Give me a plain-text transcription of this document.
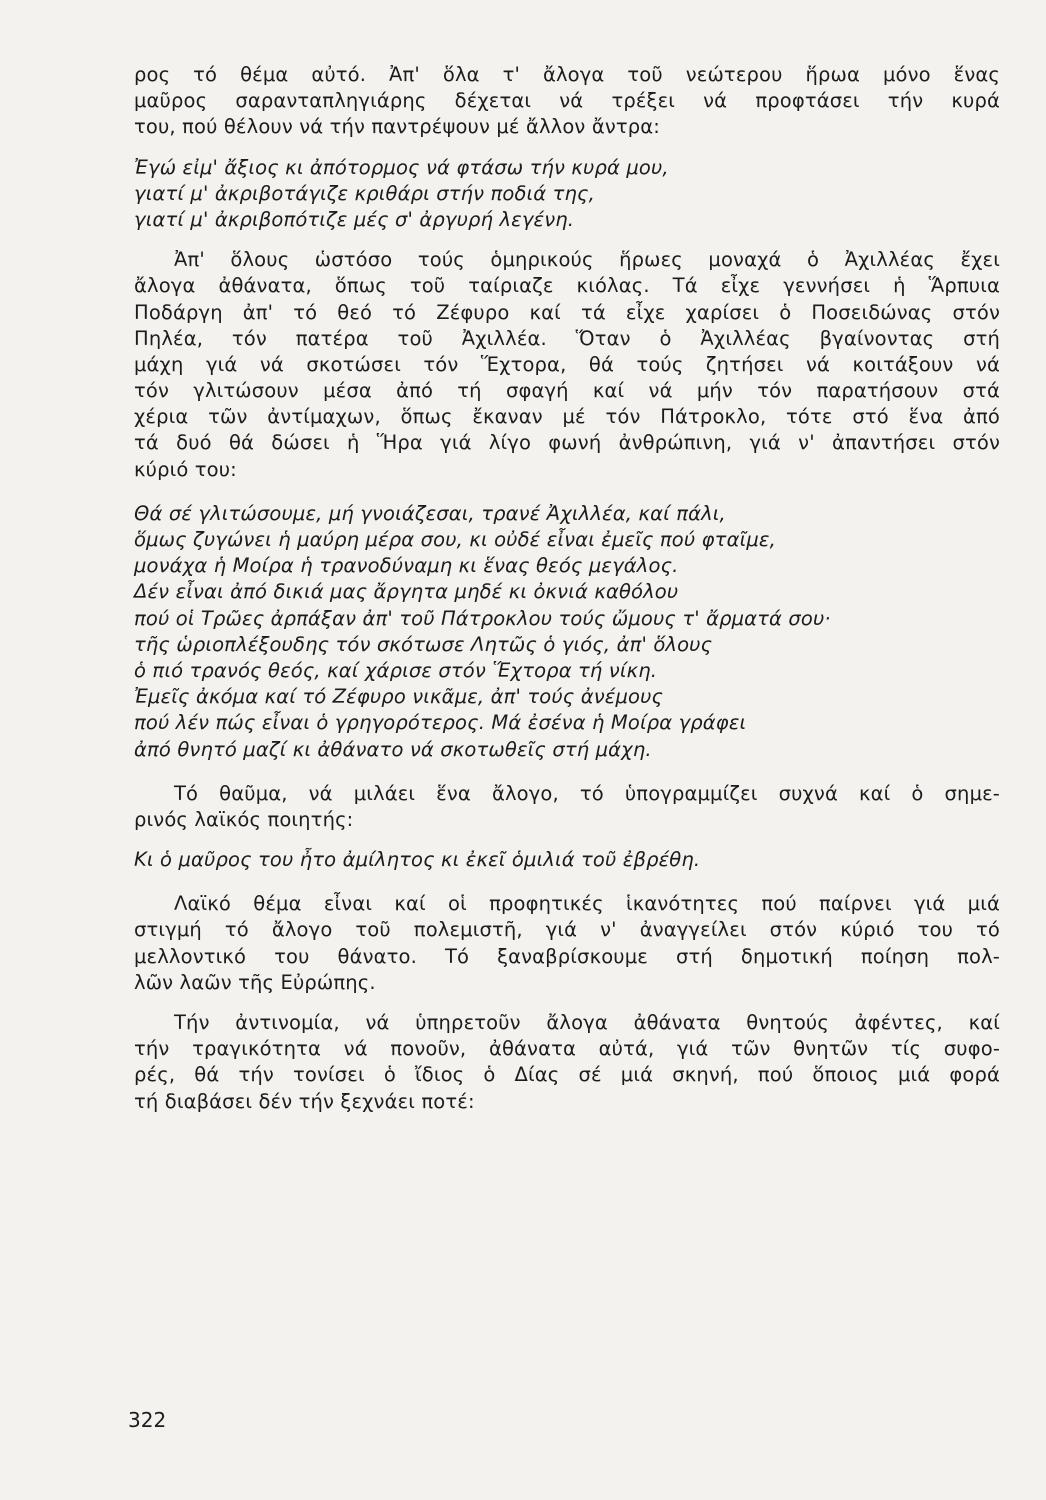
ρος τό θέμα αὐτό. Ἀπ' ὅλα τ' ἄλογα τοῦ νεώτερου ἥρωα μόνο ἕνας

μαῦρος σαρανταπληγιάρης δέχεται νά τρέξει νά προφτάσει τήν κυρά

του, πού θέλουν νά τήν παντρέψουν μέ ἄλλον ἄντρα:

Ἐγώ εἰμ' ἄξιος κι ἀπότορμος νά φτάσω τήν κυρά μου,
γιατί μ' ἀκριβοτάγιζε κριθάρι στήν ποδιά της,
γιατί μ' ἀκριβοπότιζε μές σ' ἀργυρή λεγένη.

Ἀπ' ὅλους ὡστόσο τούς ὁμηρικούς ἥρωες μοναχά ὁ Ἀχιλλέας ἔχει

ἄλογα ἀθάνατα, ὅπως τοῦ ταίριαζε κιόλας. Τά εἶχε γεννήσει ἡ Ἅρπυια

Ποδάργη ἀπ' τό θεό τό Ζέφυρο καί τά εἶχε χαρίσει ὁ Ποσειδώνας στόν

Πηλέα, τόν πατέρα τοῦ Ἀχιλλέα. Ὅταν ὁ Ἀχιλλέας βγαίνοντας στή

μάχη γιά νά σκοτώσει τόν Ἕχτορα, θά τούς ζητήσει νά κοιτάξουν νά

τόν γλιτώσουν μέσα ἀπό τή σφαγή καί νά μήν τόν παρατήσουν στά

χέρια τῶν ἀντίμαχων, ὅπως ἔκαναν μέ τόν Πάτροκλο, τότε στό ἕνα ἀπό

τά δυό θά δώσει ἡ Ἥρα γιά λίγο φωνή ἀνθρώπινη, γιά ν' ἀπαντήσει στόν

κύριό του:

Θά σέ γλιτώσουμε, μή γνοιάζεσαι, τρανέ Ἀχιλλέα, καί πάλι,
ὅμως ζυγώνει ἡ μαύρη μέρα σου, κι οὐδέ εἶναι ἐμεῖς πού φταῖμε,
μονάχα ἡ Μοίρα ἡ τρανοδύναμη κι ἕνας θεός μεγάλος.
Δέν εἶναι ἀπό δικιά μας ἄργητα μηδέ κι ὀκνιά καθόλου
πού οἱ Τρῶες ἀρπάξαν ἀπ' τοῦ Πάτροκλου τούς ὤμους τ' ἄρματά σου·
τῆς ὡριοπλέξουδης τόν σκότωσε Λητῶς ὁ γιός, ἀπ' ὅλους
ὁ πιό τρανός θεός, καί χάρισε στόν Ἕχτορα τή νίκη.
Ἐμεῖς ἀκόμα καί τό Ζέφυρο νικᾶμε, ἀπ' τούς ἀνέμους
πού λέν πώς εἶναι ὁ γρηγορότερος. Μά ἐσένα ἡ Μοίρα γράφει
ἀπό θνητό μαζί κι ἀθάνατο νά σκοτωθεῖς στή μάχη.

Τό θαῦμα, νά μιλάει ἕνα ἄλογο, τό ὑπογραμμίζει συχνά καί ὁ σημε-

ρινός λαϊκός ποιητής:

Κι ὁ μαῦρος του ἦτο ἀμίλητος κι ἐκεῖ ὁμιλιά τοῦ ἐβρέθη.

Λαϊκό θέμα εἶναι καί οἱ προφητικές ἱκανότητες πού παίρνει γιά μιά

στιγμή τό ἄλογο τοῦ πολεμιστῆ, γιά ν' ἀναγγείλει στόν κύριό του τό

μελλοντικό του θάνατο. Τό ξαναβρίσκουμε στή δημοτική ποίηση πολ-

λῶν λαῶν τῆς Εὐρώπης.

Τήν ἀντινομία, νά ὑπηρετοῦν ἄλογα ἀθάνατα θνητούς ἀφέντες, καί

τήν τραγικότητα νά πονοῦν, ἀθάνατα αὐτά, γιά τῶν θνητῶν τίς συφο-

ρές, θά τήν τονίσει ὁ ἴδιος ὁ Δίας σέ μιά σκηνή, πού ὅποιος μιά φορά

τή διαβάσει δέν τήν ξεχνάει ποτέ:

322
